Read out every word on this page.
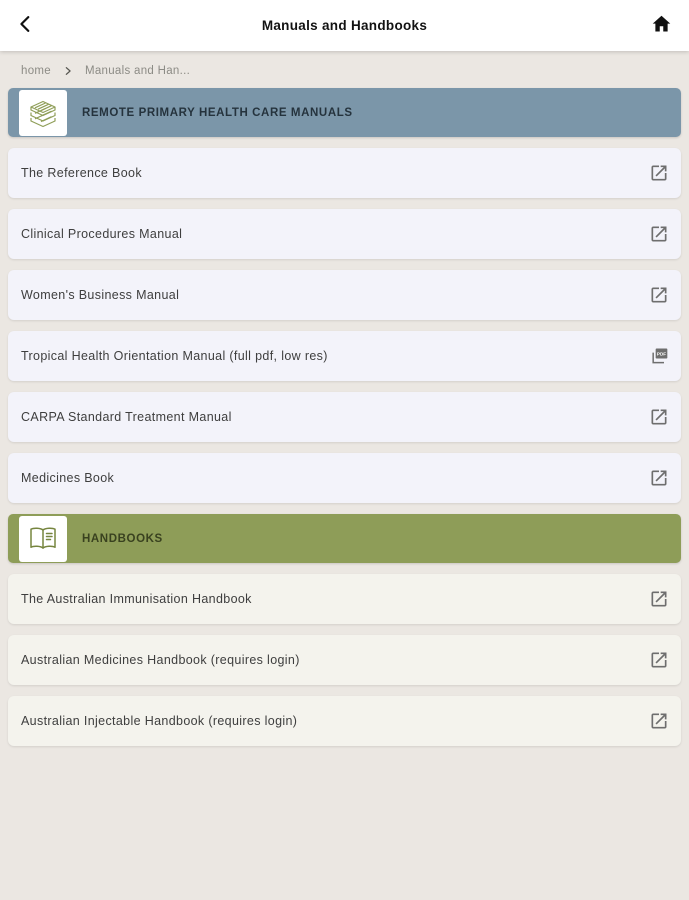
Manuals and Handbooks
home	Manuals and Han...
REMOTE PRIMARY HEALTH CARE MANUALS
The Reference Book
Clinical Procedures Manual
Women's Business Manual
Tropical Health Orientation Manual (full pdf, low res)	PDF
CARPA Standard Treatment Manual
Medicines Book
HANDBOOKS
The Australian Immunisation Handbook
Australian Medicines Handbook (requires login)
Australian Injectable Handbook (requires login)
